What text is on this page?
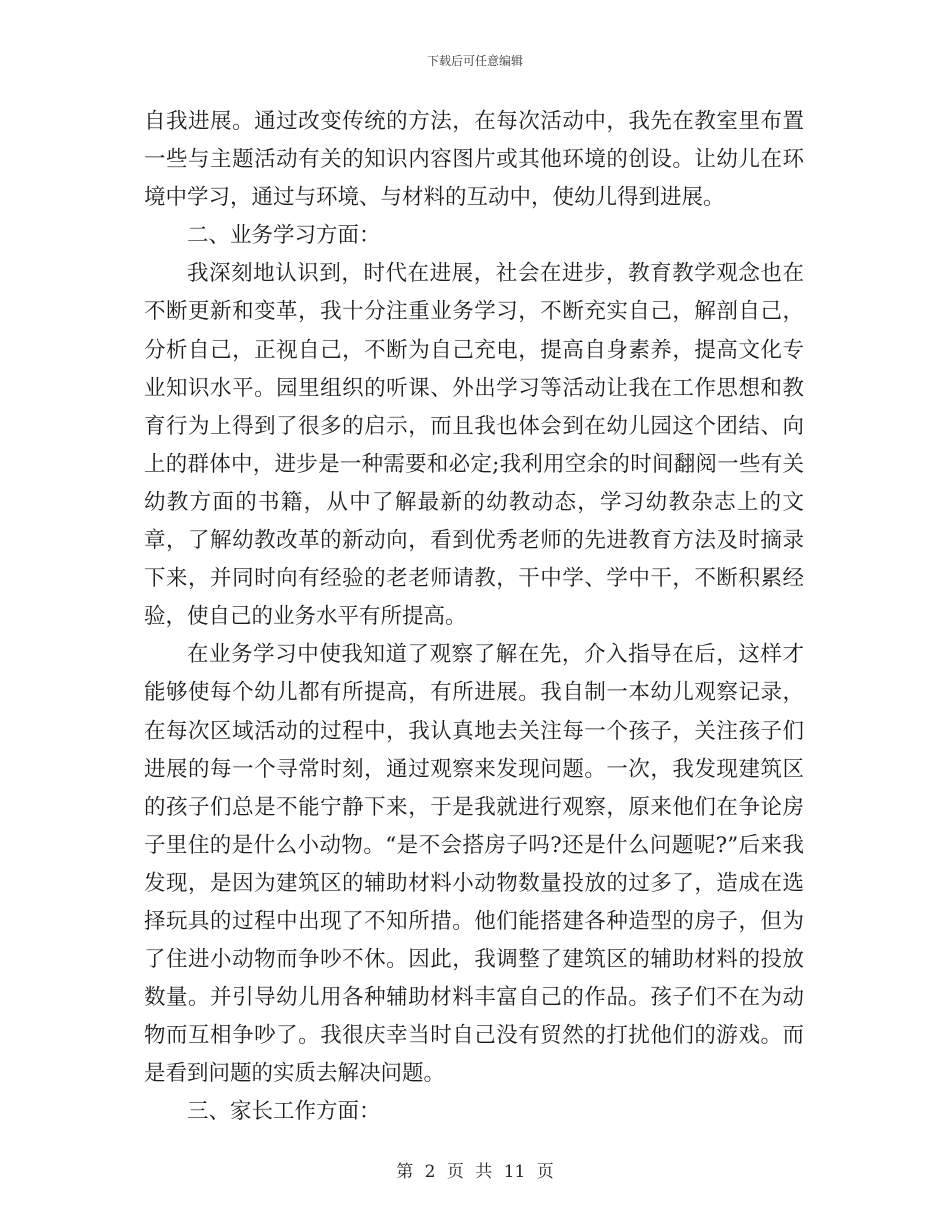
下载后可任意编辑

自我进展。通过改变传统的方法，在每次活动中，我先在教室里布置一些与主题活动有关的知识内容图片或其他环境的创设。让幼儿在环境中学习，通过与环境、与材料的互动中，使幼儿得到进展。

二、业务学习方面：

我深刻地认识到，时代在进展，社会在进步，教育教学观念也在不断更新和变革，我十分注重业务学习，不断充实自己，解剖自己，分析自己，正视自己，不断为自己充电，提高自身素养，提高文化专业知识水平。园里组织的听课、外出学习等活动让我在工作思想和教育行为上得到了很多的启示，而且我也体会到在幼儿园这个团结、向上的群体中，进步是一种需要和必定;我利用空余的时间翻阅一些有关幼教方面的书籍，从中了解最新的幼教动态，学习幼教杂志上的文章，了解幼教改革的新动向，看到优秀老师的先进教育方法及时摘录下来，并同时向有经验的老老师请教，干中学、学中干，不断积累经验，使自己的业务水平有所提高。

在业务学习中使我知道了观察了解在先，介入指导在后，这样才能够使每个幼儿都有所提高，有所进展。我自制一本幼儿观察记录，在每次区域活动的过程中，我认真地去关注每一个孩子，关注孩子们进展的每一个寻常时刻，通过观察来发现问题。一次，我发现建筑区的孩子们总是不能宁静下来，于是我就进行观察，原来他们在争论房子里住的是什么小动物。“是不会搭房子吗?还是什么问题呢?”后来我发现，是因为建筑区的辅助材料小动物数量投放的过多了，造成在选择玩具的过程中出现了不知所措。他们能搭建各种造型的房子，但为了住进小动物而争吵不休。因此，我调整了建筑区的辅助材料的投放数量。并引导幼儿用各种辅助材料丰富自己的作品。孩子们不在为动物而互相争吵了。我很庆幸当时自己没有贸然的打扰他们的游戏。而是看到问题的实质去解决问题。

三、家长工作方面：

第 2 页 共 11 页
